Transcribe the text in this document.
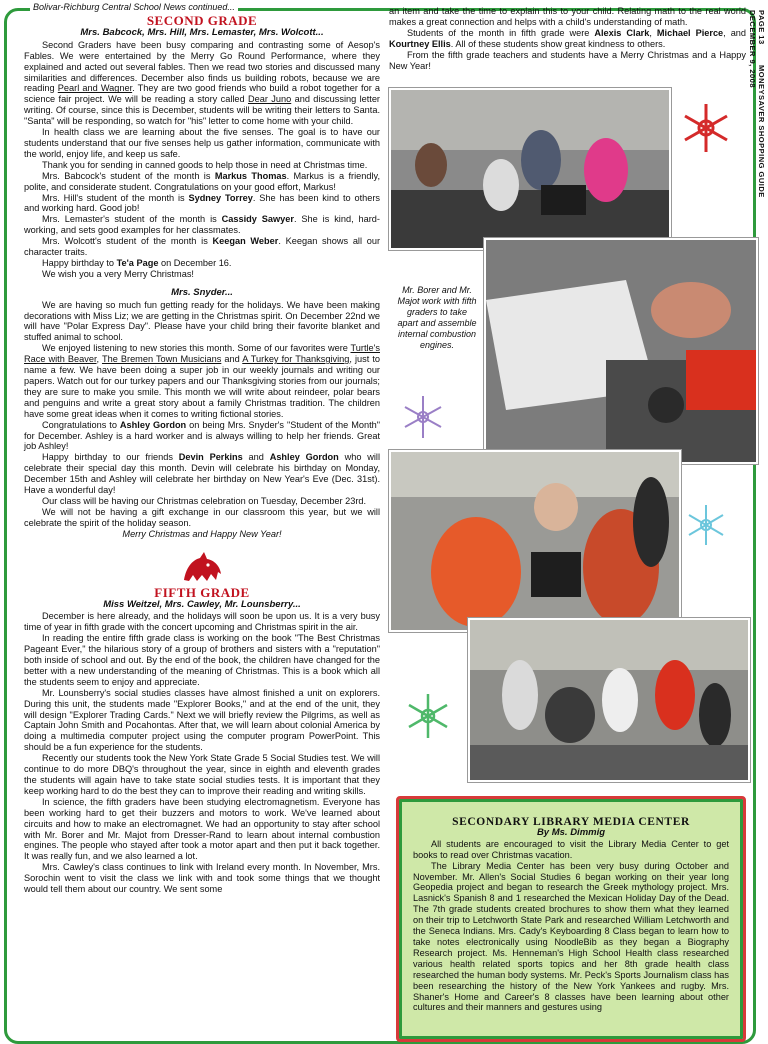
Bolivar-Richburg Central School News continued...
PAGE 13 MONEYSAVER SHOPPING GUIDE DECEMBER 9, 2008
SECOND GRADE
Mrs. Babcock, Mrs. Hill, Mrs. Lemaster, Mrs. Wolcott...

Second Graders have been busy comparing and contrasting some of Aesop's Fables. We were entertained by the Merry Go Round Performance, where they explained and acted out several fables. Then we read two stories and discussed many similarities and differences. December also finds us building robots, because we are reading Pearl and Wagner. They are two good friends who build a robot together for a science fair project. We will be reading a story called Dear Juno and discussing letter writing. Of course, since this is December, students will be writing their letters to Santa. "Santa" will be responding, so watch for "his" letter to come home with your child.

In health class we are learning about the five senses. The goal is to have our students understand that our five senses help us gather information, communicate with the world, enjoy life, and keep us safe.

Thank you for sending in canned goods to help those in need at Christmas time.

Mrs. Babcock's student of the month is Markus Thomas. Markus is a friendly, polite, and considerate student. Congratulations on your good effort, Markus!

Mrs. Hill's student of the month is Sydney Torrey. She has been kind to others and working hard. Good job!

Mrs. Lemaster's student of the month is Cassidy Sawyer. She is kind, hard-working, and sets good examples for her classmates.

Mrs. Wolcott's student of the month is Keegan Weber. Keegan shows all our character traits.

Happy birthday to Te'a Page on December 16.

We wish you a very Merry Christmas!

Mrs. Snyder...

We are having so much fun getting ready for the holidays. We have been making decorations with Miss Liz; we are getting in the Christmas spirit. On December 22nd we will have "Polar Express Day". Please have your child bring their favorite blanket and stuffed animal to school.

We enjoyed listening to new stories this month. Some of our favorites were Turtle's Race with Beaver, The Bremen Town Musicians and A Turkey for Thanksgiving, just to name a few. We have been doing a super job in our weekly journals and writing our papers. Watch out for our turkey papers and our Thanksgiving stories from our journals; they are sure to make you smile. This month we will write about reindeer, polar bears and penguins and write a great story about a family Christmas tradition. The children have some great ideas when it comes to writing fictional stories.

Congratulations to Ashley Gordon on being Mrs. Snyder's "Student of the Month" for December. Ashley is a hard worker and is always willing to help her friends. Great job Ashley!

Happy birthday to our friends Devin Perkins and Ashley Gordon who will celebrate their special day this month. Devin will celebrate his birthday on Monday, December 15th and Ashley will celebrate her birthday on New Year's Eve (Dec. 31st). Have a wonderful day!

Our class will be having our Christmas celebration on Tuesday, December 23rd.

We will not be having a gift exchange in our classroom this year, but we will celebrate the spirit of the holiday season.

Merry Christmas and Happy New Year!
FIFTH GRADE
Miss Weitzel, Mrs. Cawley, Mr. Lounsberry...

December is here already, and the holidays will soon be upon us. It is a very busy time of year in fifth grade with the concert upcoming and Christmas spirit in the air.

In reading the entire fifth grade class is working on the book "The Best Christmas Pageant Ever," the hilarious story of a group of brothers and sisters with a "reputation" both inside of school and out. By the end of the book, the children have changed for the better with a new understanding of the meaning of Christmas. This is a book which all the students seem to enjoy and appreciate.

Mr. Lounsberry's social studies classes have almost finished a unit on explorers. During this unit, the students made "Explorer Books," and at the end of the unit, they will design "Explorer Trading Cards." Next we will briefly review the Pilgrims, as well as Captain John Smith and Pocahontas. After that, we will learn about colonial America by doing a multimedia computer project using the computer program PowerPoint. This should be a fun experience for the students.

Recently our students took the New York State Grade 5 Social Studies test. We will continue to do more DBQ's throughout the year, since in eighth and eleventh grades the students will again have to take state social studies tests. It is important that they keep working hard to do the best they can to improve their reading and writing skills.

In science, the fifth graders have been studying electromagnetism. Everyone has been working hard to get their buzzers and motors to work. We've learned about circuits and how to make an electromagnet. We had an opportunity to stay after school with Mr. Borer and Mr. Majot from Dresser-Rand to learn about internal combustion engines. The people who stayed after took a motor apart and then put it back together. It was really fun, and we also learned a lot.

Mrs. Cawley's class continues to link with Ireland every month. In November, Mrs. Sorochin went to visit the class we link with and took some things that we thought would tell them about our country. We sent some

an item and take the time to explain this to your child. Relating math to the real world makes a great connection and helps with a child's understanding of math.

Students of the month in fifth grade were Alexis Clark, Michael Pierce, and Kourtney Ellis. All of these students show great kindness to others.

From the fifth grade teachers and students have a Merry Christmas and a Happy New Year!

Mr. Borer and Mr. Majot work with fifth graders to take apart and assemble internal combustion engines.
SECONDARY LIBRARY MEDIA CENTER
By Ms. Dimmig

All students are encouraged to visit the Library Media Center to get books to read over Christmas vacation.

The Library Media Center has been very busy during October and November. Mr. Allen's Social Studies 6 began working on their year long Geopedia project and began to research the Greek mythology project. Mrs. Lasnick's Spanish 8 and 1 researched the Mexican Holiday Day of the Dead. The 7th grade students created brochures to show them what they learned on their trip to Letchworth State Park and researched William Letchworth and the Seneca Indians. Mrs. Cady's Keyboarding 8 Class began to learn how to take notes electronically using NoodleBib as they began a Biography Research project. Ms. Henneman's High School Health class researched various health related sports topics and her 8th grade health class researched the human body systems. Mr. Peck's Sports Journalism class has been researching the history of the New York Yankees and rugby. Mrs. Shaner's Home and Career's 8 classes have been learning about other cultures and their manners and gestures using
